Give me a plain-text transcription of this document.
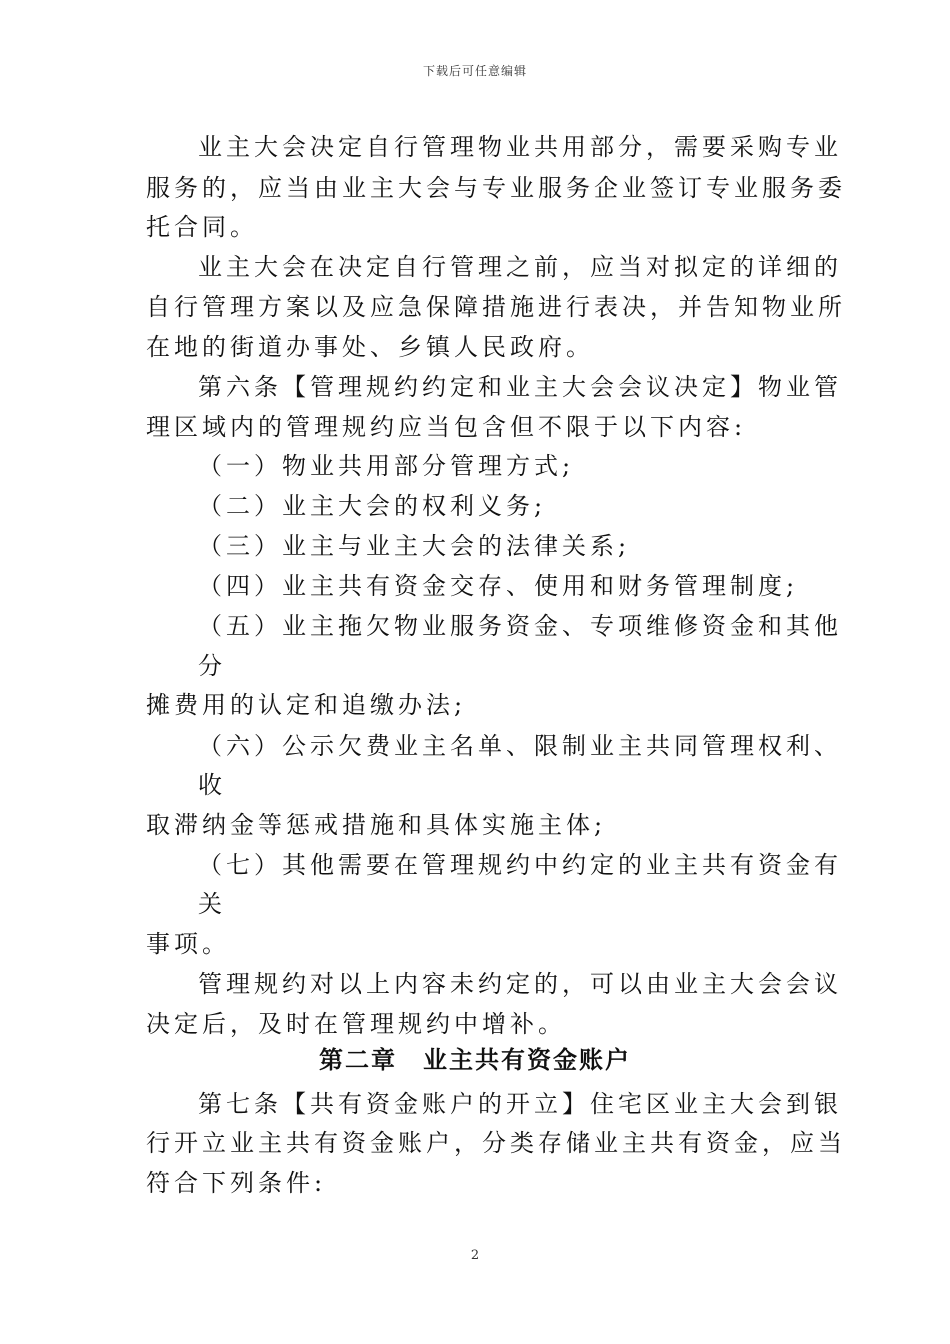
下载后可任意编辑
业主大会决定自行管理物业共用部分，需要采购专业
服务的，应当由业主大会与专业服务企业签订专业服务委
托合同。
业主大会在决定自行管理之前，应当对拟定的详细的
自行管理方案以及应急保障措施进行表决，并告知物业所
在地的街道办事处、乡镇人民政府。
第六条【管理规约约定和业主大会会议决定】物业管
理区域内的管理规约应当包含但不限于以下内容:
（一）物业共用部分管理方式;
（二）业主大会的权利义务;
（三）业主与业主大会的法律关系;
（四）业主共有资金交存、使用和财务管理制度;
（五）业主拖欠物业服务资金、专项维修资金和其他
分
摊费用的认定和追缴办法;
（六）公示欠费业主名单、限制业主共同管理权利、
收
取滞纳金等惩戒措施和具体实施主体;
（七）其他需要在管理规约中约定的业主共有资金有
关
事项。
管理规约对以上内容未约定的，可以由业主大会会议
决定后，及时在管理规约中增补。
第二章　业主共有资金账户
第七条【共有资金账户的开立】住宅区业主大会到银
行开立业主共有资金账户，分类存储业主共有资金，应当
符合下列条件:
2
